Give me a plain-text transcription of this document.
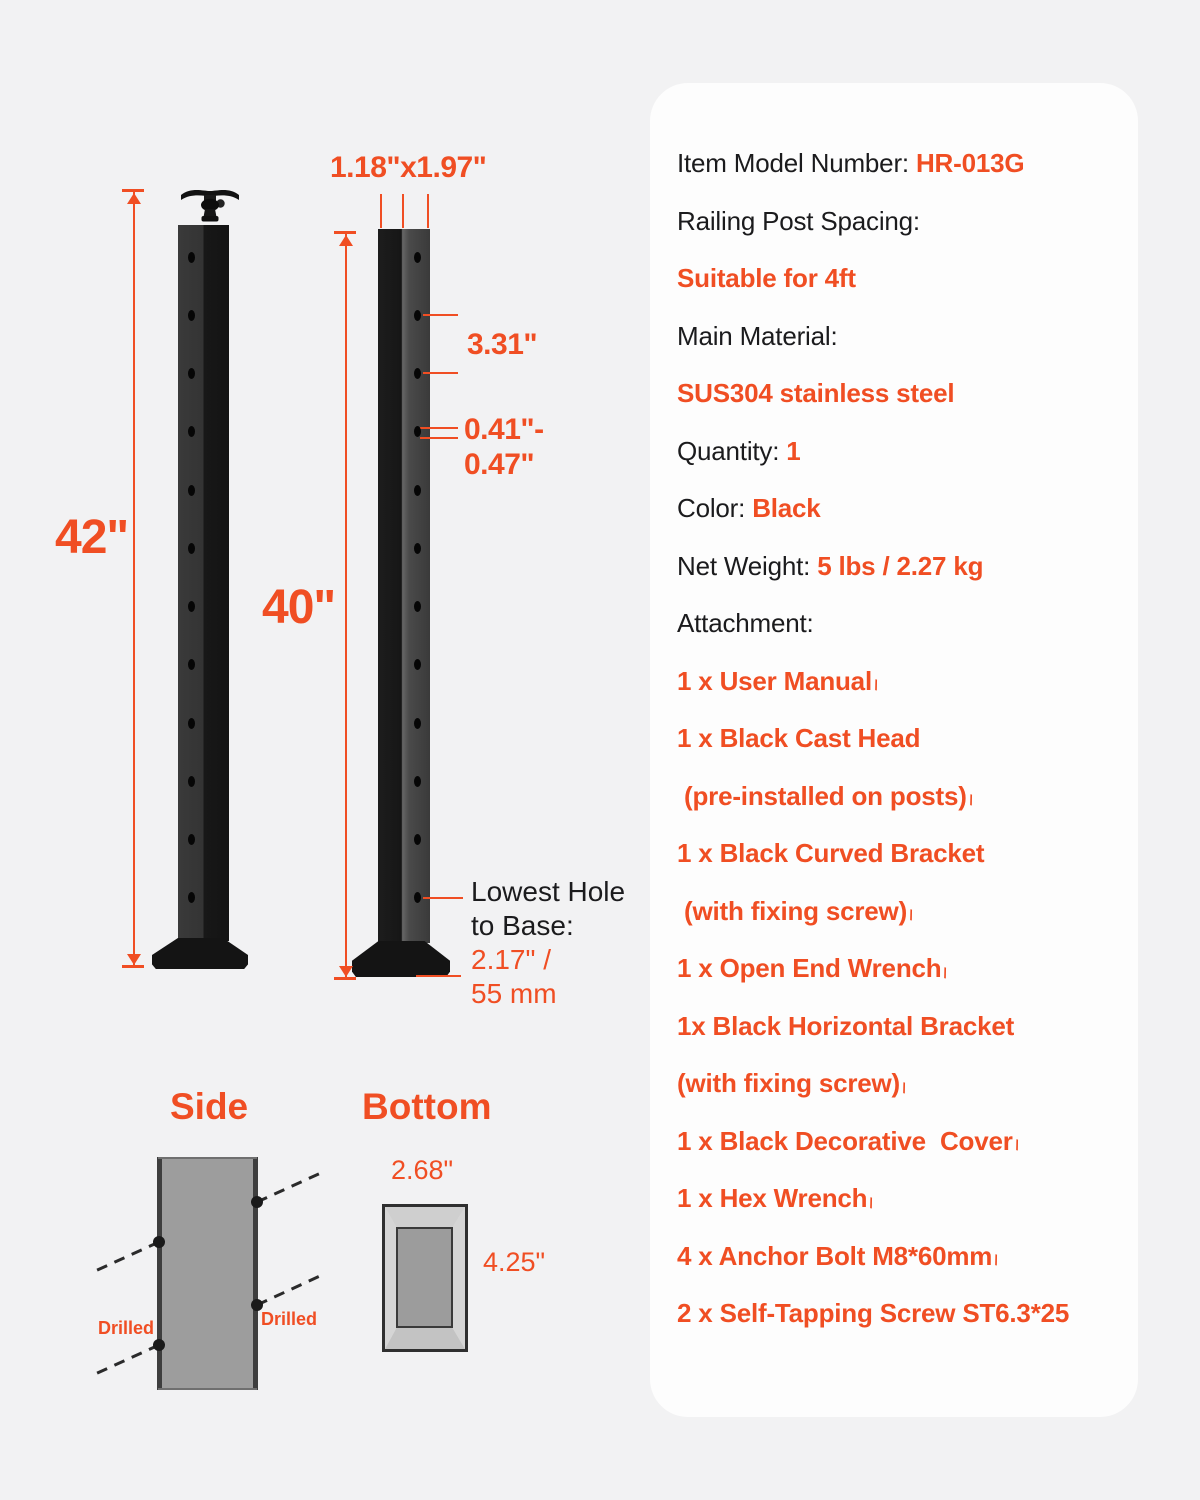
42"
40"
1.18"x1.97"
3.31"
0.41"-
0.47"
Lowest Hole
to Base:
2.17" /
55 mm
Side
Drilled	Drilled
Bottom
2.68"
4.25"
Item Model Number: HR-013G
Railing Post Spacing:
Suitable for 4ft
Main Material:
SUS304 stainless steel
Quantity: 1
Color: Black
Net Weight: 5 lbs / 2.27 kg
Attachment:
1 x User Manual \
1 x Black Cast Head
(pre-installed on posts) \
1 x Black Curved Bracket
(with fixing screw) \
1 x Open End Wrench \
1x Black Horizontal Bracket
(with fixing screw) \
1 x Black Decorative  Cover \
1 x Hex Wrench \
4 x Anchor Bolt M8*60mm \
2 x Self-Tapping Screw ST6.3*25
